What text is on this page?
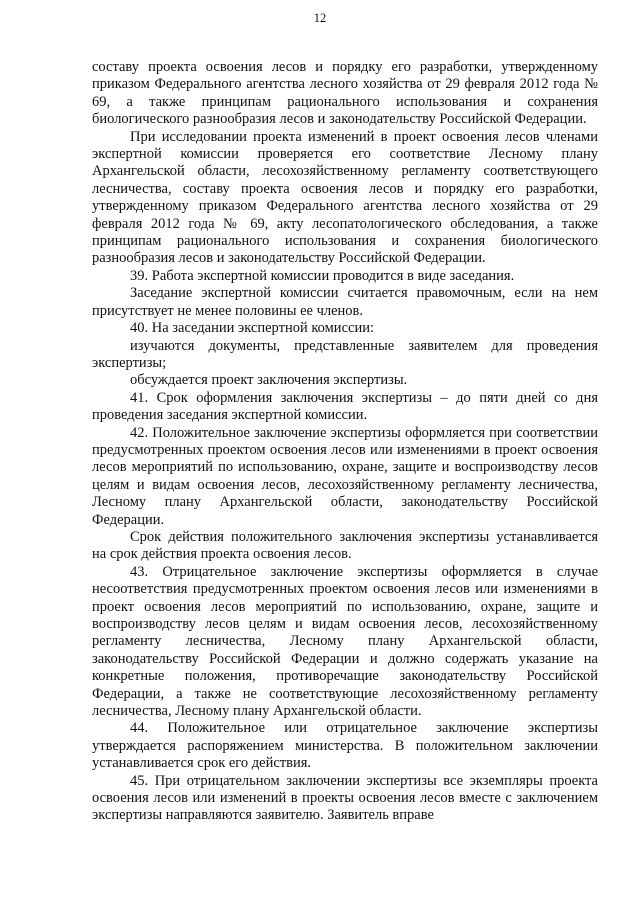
12

составу проекта освоения лесов и порядку его разработки, утвержденному приказом Федерального агентства лесного хозяйства от 29 февраля 2012 года № 69, а также принципам рационального использования и сохранения биологического разнообразия лесов и законодательству Российской Федерации.

При исследовании проекта изменений в проект освоения лесов членами экспертной комиссии проверяется его соответствие Лесному плану Архангельской области, лесохозяйственному регламенту соответствующего лесничества, составу проекта освоения лесов и порядку его разработки, утвержденному приказом Федерального агентства лесного хозяйства от 29 февраля 2012 года № 69, акту лесопатологического обследования, а также принципам рационального использования и сохранения биологического разнообразия лесов и законодательству Российской Федерации.

39. Работа экспертной комиссии проводится в виде заседания.

Заседание экспертной комиссии считается правомочным, если на нем присутствует не менее половины ее членов.

40. На заседании экспертной комиссии:

изучаются документы, представленные заявителем для проведения экспертизы;

обсуждается проект заключения экспертизы.

41. Срок оформления заключения экспертизы – до пяти дней со дня проведения заседания экспертной комиссии.

42. Положительное заключение экспертизы оформляется при соответствии предусмотренных проектом освоения лесов или изменениями в проект освоения лесов мероприятий по использованию, охране, защите и воспроизводству лесов целям и видам освоения лесов, лесохозяйственному регламенту лесничества, Лесному плану Архангельской области, законодательству Российской Федерации.

Срок действия положительного заключения экспертизы устанавливается на срок действия проекта освоения лесов.

43. Отрицательное заключение экспертизы оформляется в случае несоответствия предусмотренных проектом освоения лесов или изменениями в проект освоения лесов мероприятий по использованию, охране, защите и воспроизводству лесов целям и видам освоения лесов, лесохозяйственному регламенту лесничества, Лесному плану Архангельской области, законодательству Российской Федерации и должно содержать указание на конкретные положения, противоречащие законодательству Российской Федерации, а также не соответствующие лесохозяйственному регламенту лесничества, Лесному плану Архангельской области.

44. Положительное или отрицательное заключение экспертизы утверждается распоряжением министерства. В положительном заключении устанавливается срок его действия.

45. При отрицательном заключении экспертизы все экземпляры проекта освоения лесов или изменений в проекты освоения лесов вместе с заключением экспертизы направляются заявителю. Заявитель вправе
